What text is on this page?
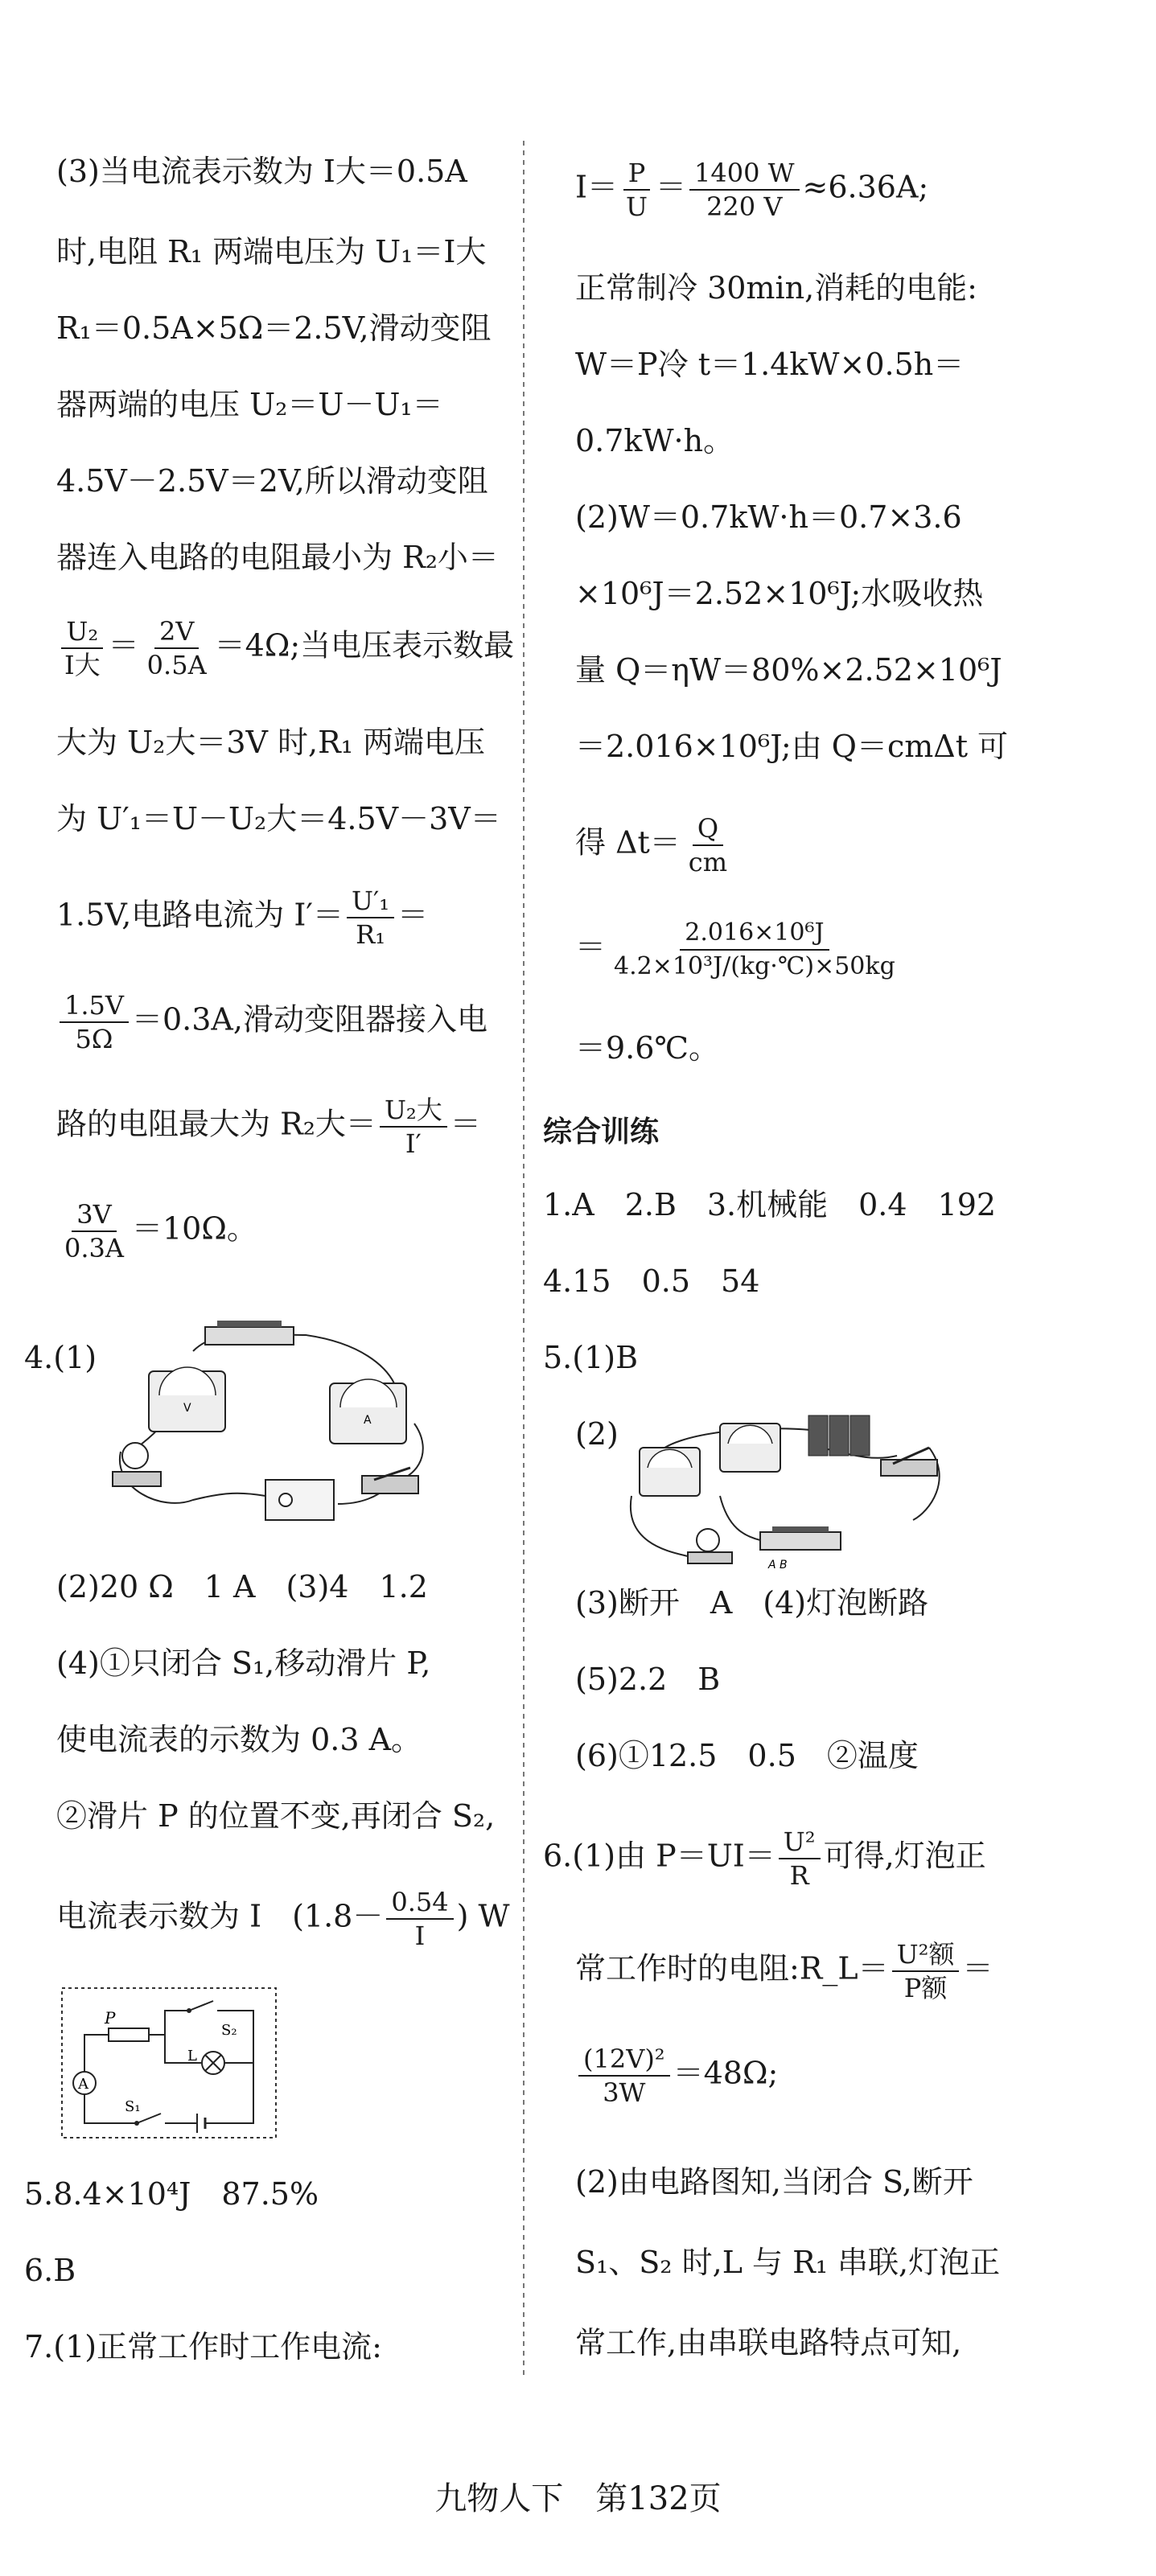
(3)当电流表示数为 I大＝0.5A
时,电阻 R₁ 两端电压为 U₁＝I大
R₁＝0.5A×5Ω＝2.5V,滑动变阻
器两端的电压 U₂＝U－U₁＝
4.5V－2.5V＝2V,所以滑动变阻
器连入电路的电阻最小为 R₂小＝
$\frac{\text{U₂}}{\text{I大}} = \frac{2V}{0.5A} =4\Omega$;当电压表示数最
大为 U₂大＝3V 时,R₁ 两端电压
为 U′₁＝U－U₂大＝4.5V－3V＝
1.5V,电路电流为 $I'= \frac{\text{U′₁}}{\text{R₁}}$ ＝
$\frac{1.5V}{5\Omega} =0.3A$,滑动变阻器接入电
路的电阻最大为 R₂大＝ $\frac{\text{U₂大}}{I'}$ ＝
$\frac{3V}{0.3A} =10\Omega$。
4.(1)
V
A
(2)20 Ω　1 A　(3)4　1.2
(4)①只闭合 S₁,移动滑片 P,
使电流表的示数为 0.3 A。
②滑片 P 的位置不变,再闭合 S₂,
电流表示数为 I　($1.8- \frac{0.54}{I}$ ) W
A
P
S₂
L
S₁
5.8.4×10⁴J　87.5%
6.B
7.(1)正常工作时工作电流:
$I= \frac{P}{U} = \frac{1400 W}{220 V} \approx 6.36A$;
正常制冷 30min,消耗的电能:
W＝P冷 t＝1.4kW×0.5h＝
0.7kW·h。
(2)W＝0.7kW·h＝0.7×3.6
×10⁶J＝2.52×10⁶J;水吸收热
量 Q＝ηW＝80%×2.52×10⁶J
＝2.016×10⁶J;由 Q＝cmΔt 可
得 $\Delta t= \frac{Q}{cm}$
＝ $\frac{\text{2.016×10⁶J}}{\text{4.2×10³J/(kg·℃)×50kg}}$
＝9.6℃。
综合训练
1.A　2.B　3.机械能　0.4　192
4.15　0.5　54
5.(1)B
(2)
A B
(3)断开　A　(4)灯泡断路
(5)2.2　B
(6)①12.5　0.5　②温度
6.(1)由 $P=UI= \frac{\text{U²}}{R}$ 可得,灯泡正
常工作时的电阻:R_L＝ $\frac{\text{U²额}}{\text{P额}}$ ＝
$\frac{\text{(12V)²}}{3W} =48\Omega$;
(2)由电路图知,当闭合 S,断开
S₁、S₂ 时,L 与 R₁ 串联,灯泡正
常工作,由串联电路特点可知,
九物人下　第132页
